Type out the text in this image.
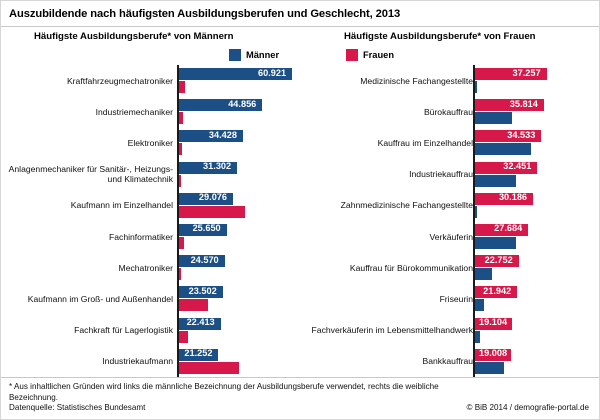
Auszubildende nach häufigsten Ausbildungsberufen und Geschlecht, 2013
Häufigste Ausbildungsberufe* von Männern	Häufigste Ausbildungsberufe* von Frauen
Männer	Frauen
Kraftfahrzeugmechatroniker
60.921
Industriemechaniker
44.856
Elektroniker
34.428
Anlagenmechaniker für Sanitär-, Heizungs- und Klimatechnik
31.302
Kaufmann im Einzelhandel
29.076
Fachinformatiker
25.650
Mechatroniker
24.570
Kaufmann im Groß- und Außenhandel
23.502
Fachkraft für Lagerlogistik
22.413
Industriekaufmann
21.252
Medizinische Fachangestellte
37.257
Bürokauffrau
35.814
Kauffrau im Einzelhandel
34.533
Industriekauffrau
32.451
Zahnmedizinische Fachangestellte
30.186
Verkäuferin
27.684
Kauffrau für Bürokommunikation
22.752
Friseurin
21.942
Fachverkäuferin im Lebensmittelhandwerk
19.104
Bankkauffrau
19.008
* Aus inhaltlichen Gründen wird links die männliche Bezeichnung der Ausbildungsberufe verwendet, rechts die weibliche Bezeichnung.
Datenquelle: Statistisches Bundesamt	© BiB 2014 / demografie-portal.de
